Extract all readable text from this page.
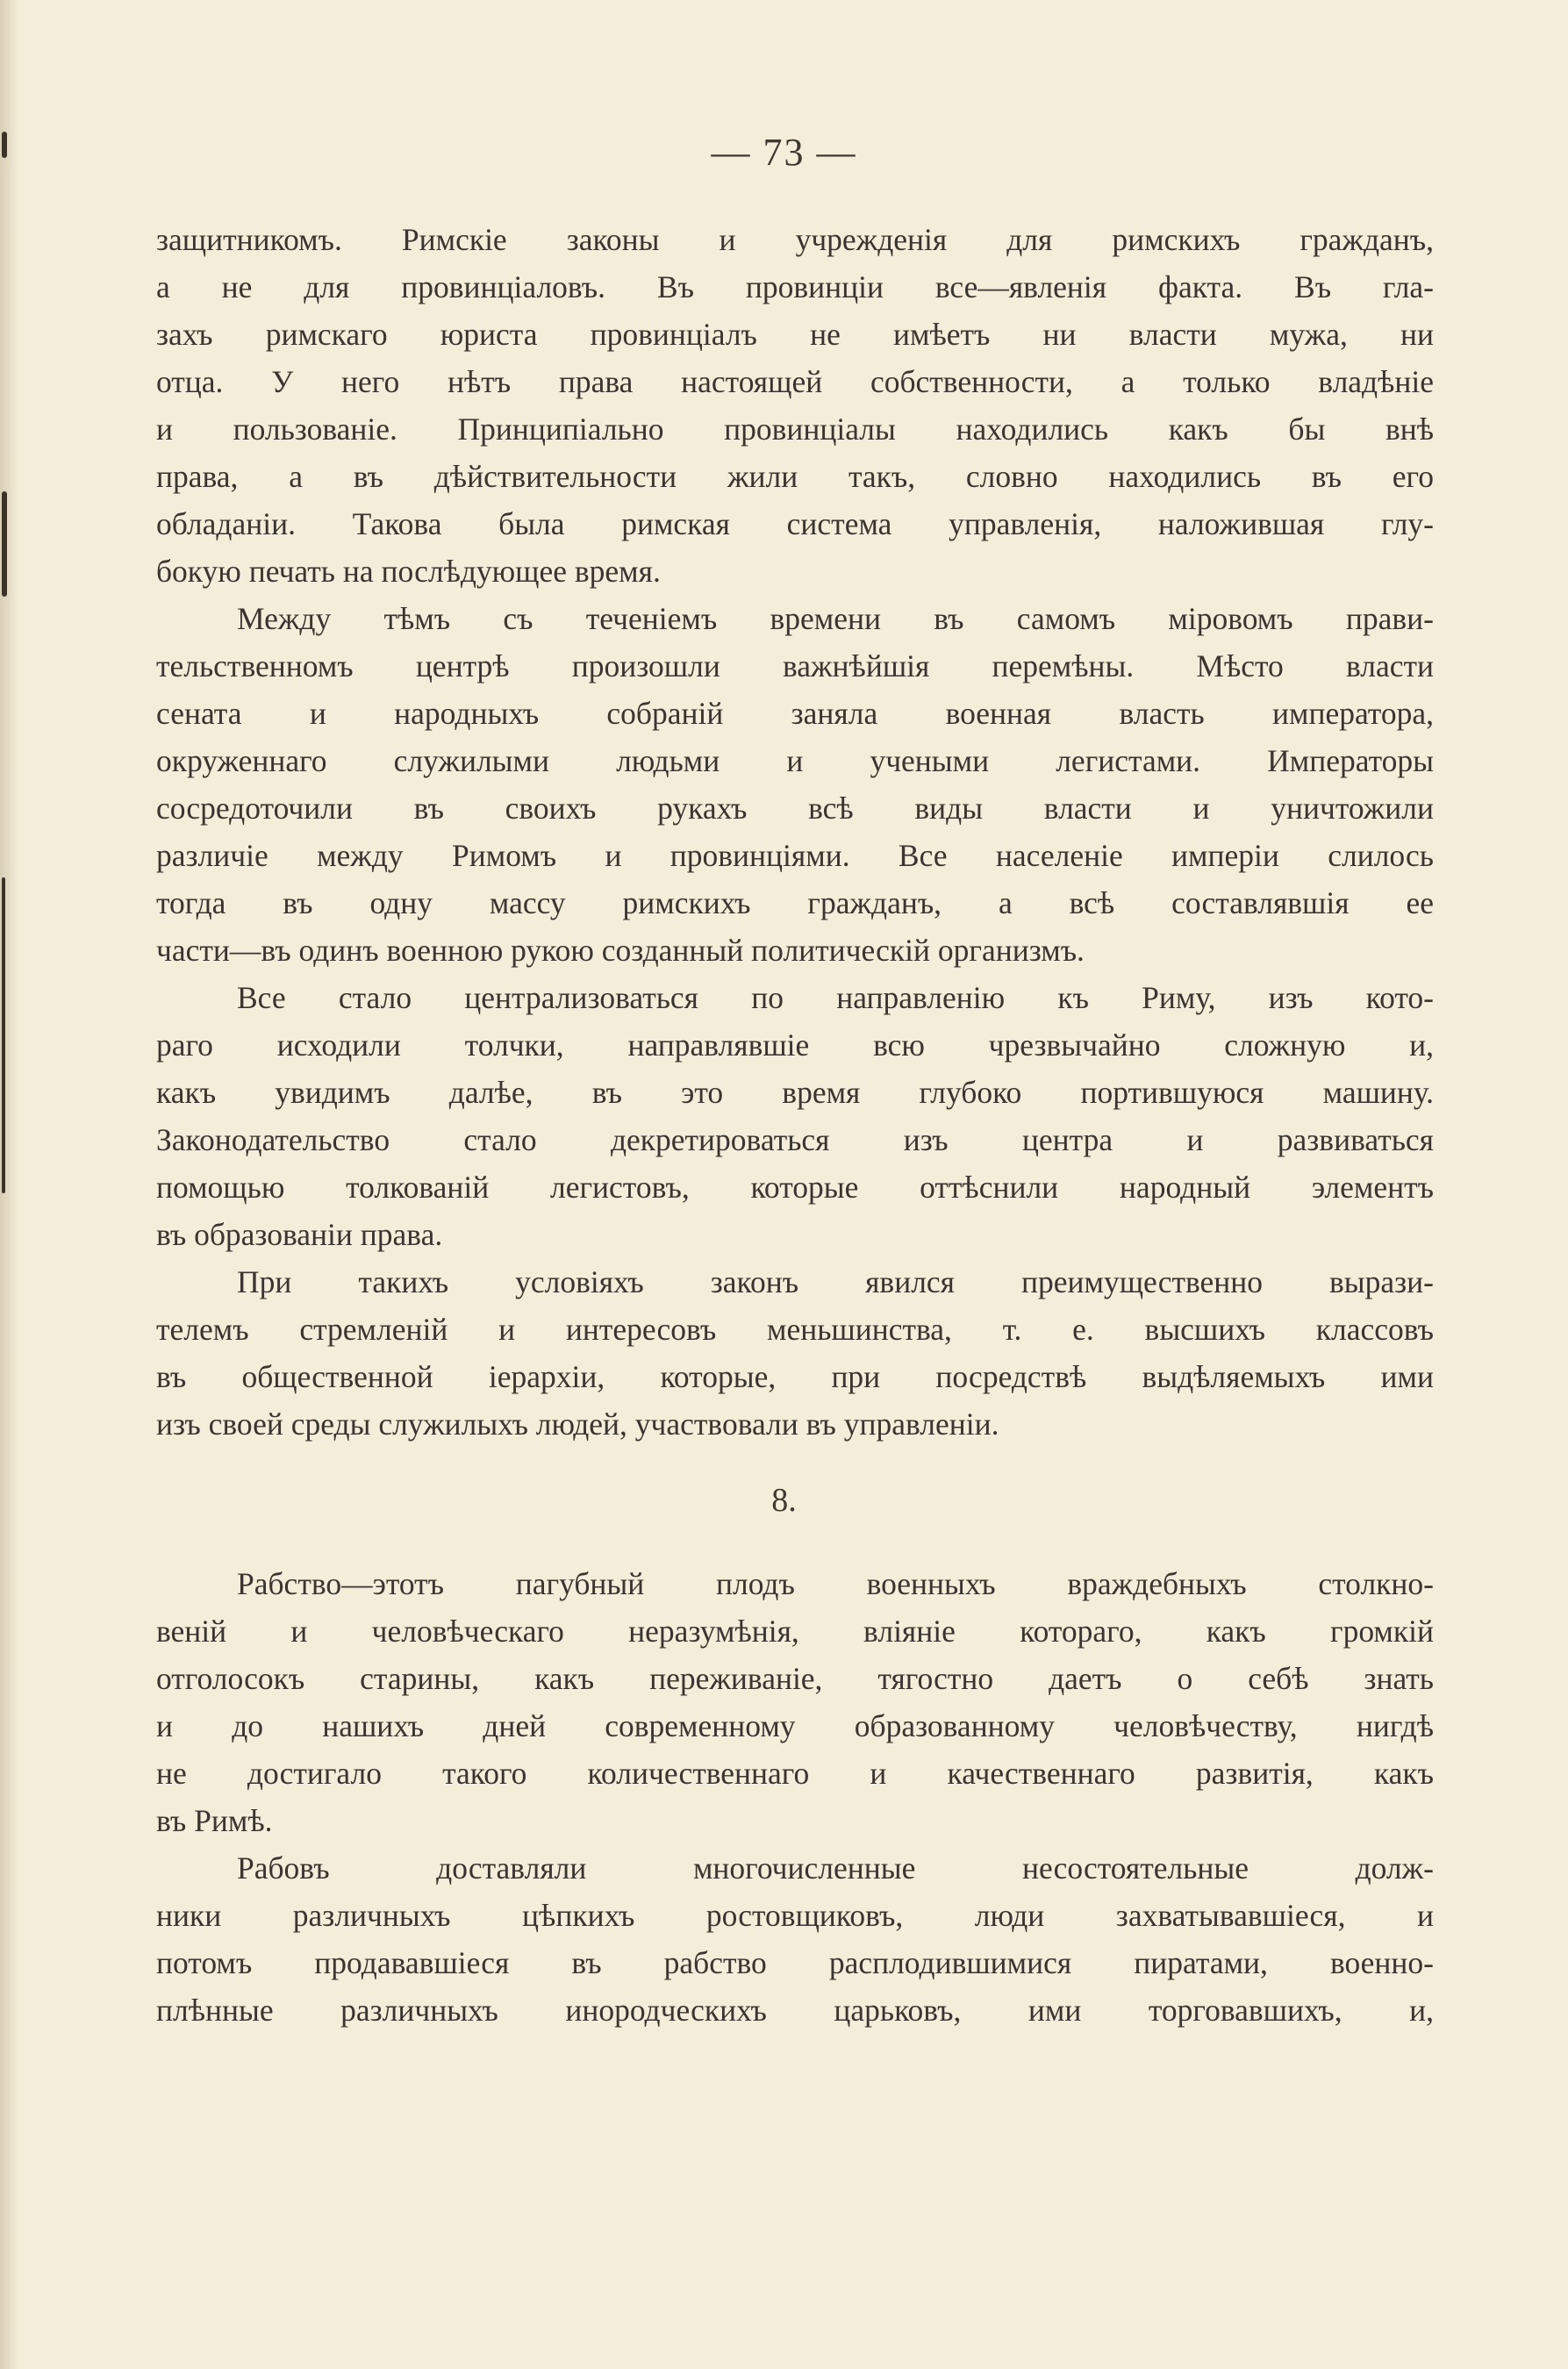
— 73 —

защитникомъ. Римскіе законы и учрежденія для римскихъ гражданъ,
а не для провинціаловъ. Въ провинціи все—явленія факта. Въ гла-
захъ римскаго юриста провинціалъ не имѣетъ ни власти мужа, ни
отца. У него нѣтъ права настоящей собственности, а только владѣніе
и пользованіе. Принципіально провинціалы находились какъ бы внѣ
права, а въ дѣйствительности жили такъ, словно находились въ его
обладаніи. Такова была римская система управленія, наложившая глу-
бокую печать на послѣдующее время.

Между тѣмъ съ теченіемъ времени въ самомъ міровомъ прави-
тельственномъ центрѣ произошли важнѣйшія перемѣны. Мѣсто власти
сената и народныхъ собраній заняла военная власть императора,
окруженнаго служилыми людьми и учеными легистами. Императоры
сосредоточили въ своихъ рукахъ всѣ виды власти и уничтожили
различіе между Римомъ и провинціями. Все населеніе имперіи слилось
тогда въ одну массу римскихъ гражданъ, а всѣ составлявшія ее
части—въ одинъ военною рукою созданный политическій организмъ.

Все стало централизоваться по направленію къ Риму, изъ кото-
раго исходили толчки, направлявшіе всю чрезвычайно сложную и,
какъ увидимъ далѣе, въ это время глубоко портившуюся машину.
Законодательство стало декретироваться изъ центра и развиваться
помощью толкованій легистовъ, которые оттѣснили народный элементъ
въ образованіи права.

При такихъ условіяхъ законъ явился преимущественно вырази-
телемъ стремленій и интересовъ меньшинства, т. е. высшихъ классовъ
въ общественной іерархіи, которые, при посредствѣ выдѣляемыхъ ими
изъ своей среды служилыхъ людей, участвовали въ управленіи.

8.

Рабство—этотъ пагубный плодъ военныхъ враждебныхъ столкно-
веній и человѣческаго неразумѣнія, вліяніе котораго, какъ громкій
отголосокъ старины, какъ переживаніе, тягостно даетъ о себѣ знать
и до нашихъ дней современному образованному человѣчеству, нигдѣ
не достигало такого количественнаго и качественнаго развитія, какъ
въ Римѣ.

Рабовъ доставляли многочисленные несостоятельные долж-
ники различныхъ цѣпкихъ ростовщиковъ, люди захватывавшіеся, и
потомъ продававшіеся въ рабство расплодившимися пиратами, военно-
плѣнные различныхъ инородческихъ царьковъ, ими торговавшихъ, и,
